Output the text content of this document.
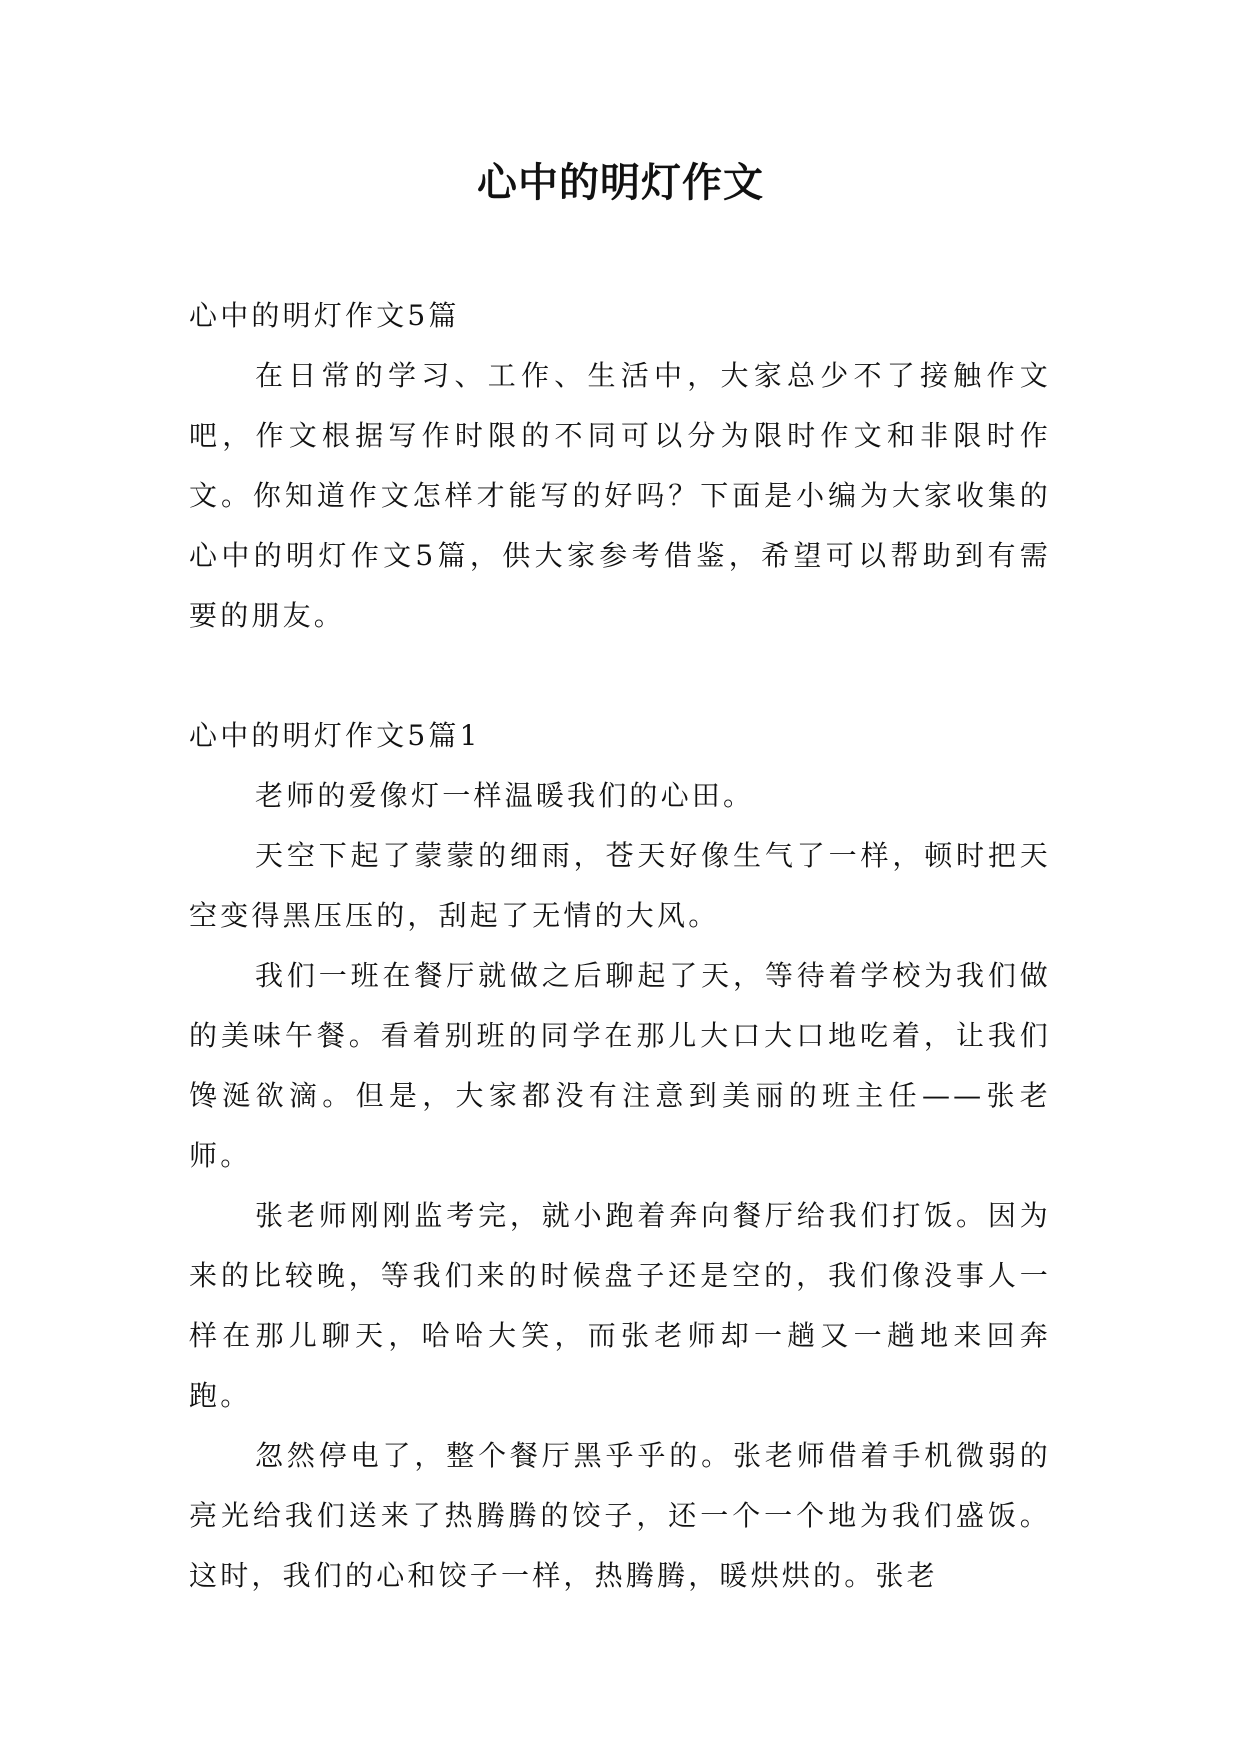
心中的明灯作文

心中的明灯作文5篇

在日常的学习、工作、生活中，大家总少不了接触作文吧，作文根据写作时限的不同可以分为限时作文和非限时作文。你知道作文怎样才能写的好吗？下面是小编为大家收集的心中的明灯作文5篇，供大家参考借鉴，希望可以帮助到有需要的朋友。

心中的明灯作文5篇1

老师的爱像灯一样温暖我们的心田。

天空下起了蒙蒙的细雨，苍天好像生气了一样，顿时把天空变得黑压压的，刮起了无情的大风。

我们一班在餐厅就做之后聊起了天，等待着学校为我们做的美味午餐。看着别班的同学在那儿大口大口地吃着，让我们馋涎欲滴。但是，大家都没有注意到美丽的班主任——张老师。

张老师刚刚监考完，就小跑着奔向餐厅给我们打饭。因为来的比较晚，等我们来的时候盘子还是空的，我们像没事人一样在那儿聊天，哈哈大笑，而张老师却一趟又一趟地来回奔跑。

忽然停电了，整个餐厅黑乎乎的。张老师借着手机微弱的亮光给我们送来了热腾腾的饺子，还一个一个地为我们盛饭。这时，我们的心和饺子一样，热腾腾，暖烘烘的。张老
